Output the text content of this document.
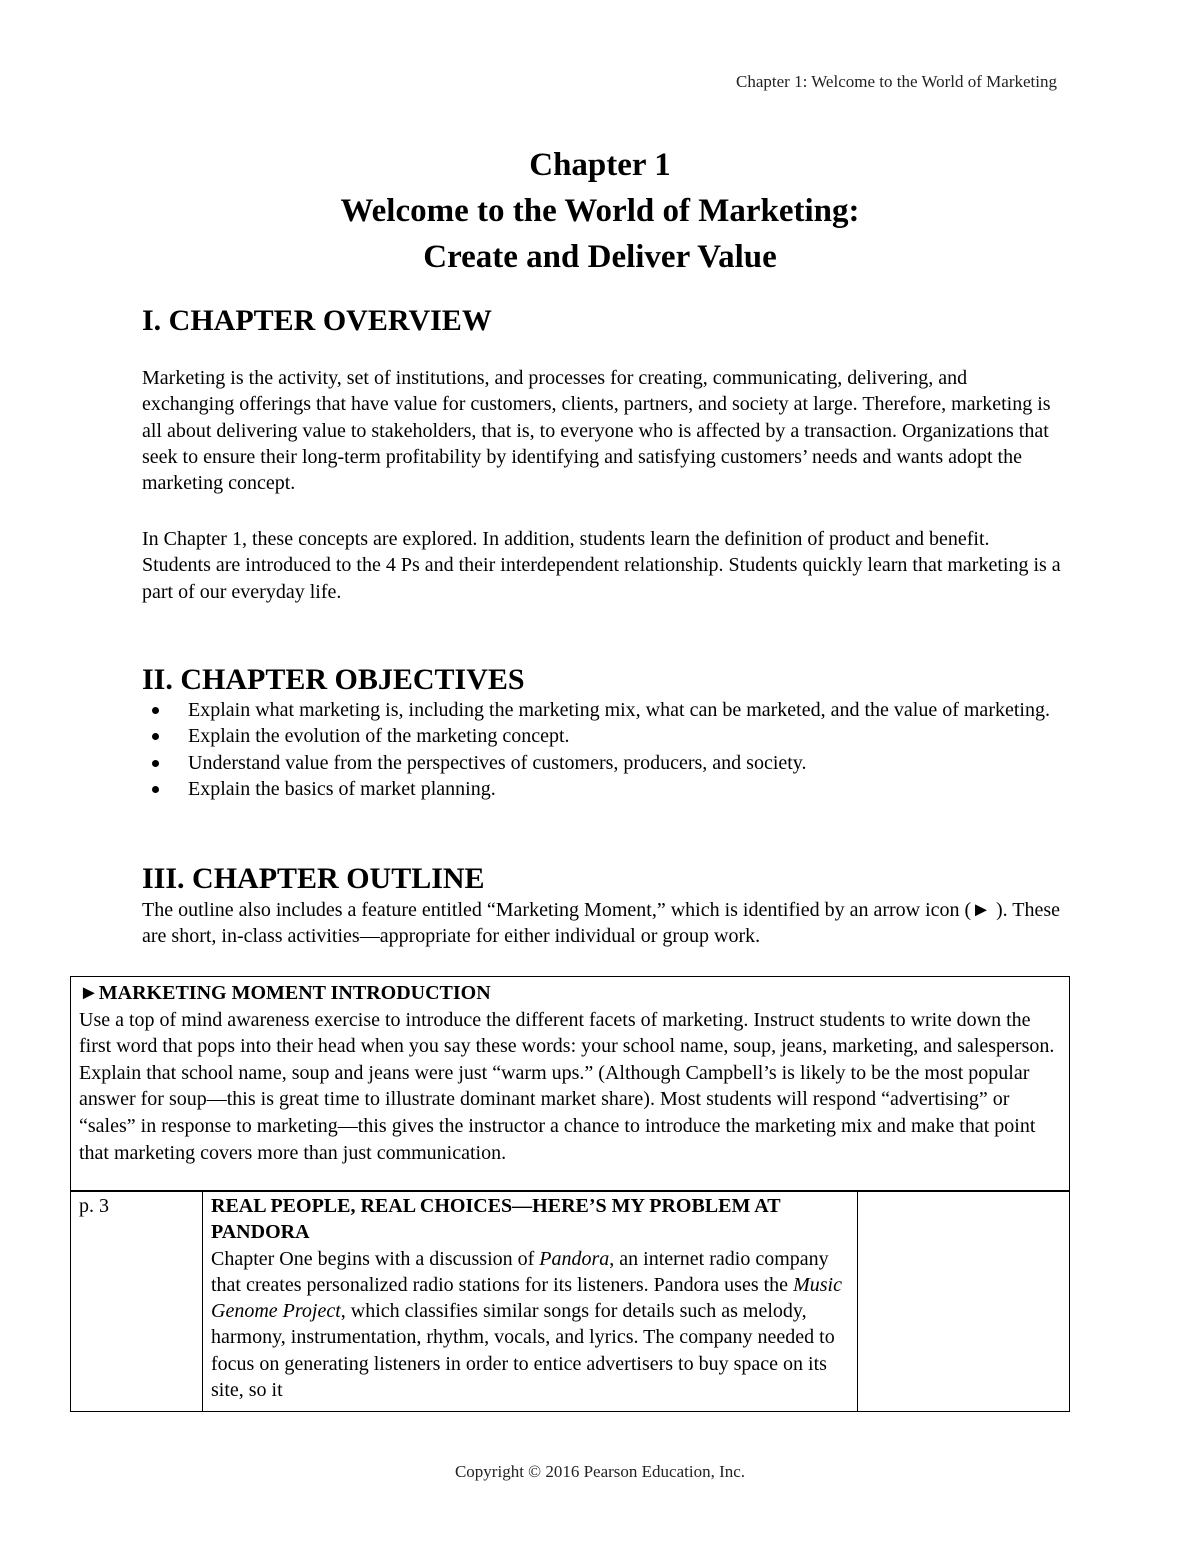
Chapter 1: Welcome to the World of Marketing
Chapter 1
Welcome to the World of Marketing:
Create and Deliver Value
I. CHAPTER OVERVIEW

Marketing is the activity, set of institutions, and processes for creating, communicating, delivering, and exchanging offerings that have value for customers, clients, partners, and society at large. Therefore, marketing is all about delivering value to stakeholders, that is, to everyone who is affected by a transaction. Organizations that seek to ensure their long-term profitability by identifying and satisfying customers’ needs and wants adopt the marketing concept.

In Chapter 1, these concepts are explored. In addition, students learn the definition of product and benefit. Students are introduced to the 4 Ps and their interdependent relationship. Students quickly learn that marketing is a part of our everyday life.

II. CHAPTER OBJECTIVES
Explain what marketing is, including the marketing mix, what can be marketed, and the value of marketing.
Explain the evolution of the marketing concept.
Understand value from the perspectives of customers, producers, and society.
Explain the basics of market planning.
III. CHAPTER OUTLINE

The outline also includes a feature entitled “Marketing Moment,” which is identified by an arrow icon (► ). These are short, in-class activities—appropriate for either individual or group work.

►MARKETING MOMENT INTRODUCTION
Use a top of mind awareness exercise to introduce the different facets of marketing. Instruct students to write down the first word that pops into their head when you say these words: your school name, soup, jeans, marketing, and salesperson. Explain that school name, soup and jeans were just “warm ups.” (Although Campbell’s is likely to be the most popular answer for soup—this is great time to illustrate dominant market share). Most students will respond “advertising” or “sales” in response to marketing—this gives the instructor a chance to introduce the marketing mix and make that point that marketing covers more than just communication.
p. 3	REAL PEOPLE, REAL CHOICES—HERE’S MY PROBLEM AT PANDORA
Chapter One begins with a discussion of Pandora, an internet radio company that creates personalized radio stations for its listeners. Pandora uses the Music Genome Project, which classifies similar songs for details such as melody, harmony, instrumentation, rhythm, vocals, and lyrics. The company needed to focus on generating listeners in order to entice advertisers to buy space on its site, so it

Copyright © 2016 Pearson Education, Inc.
